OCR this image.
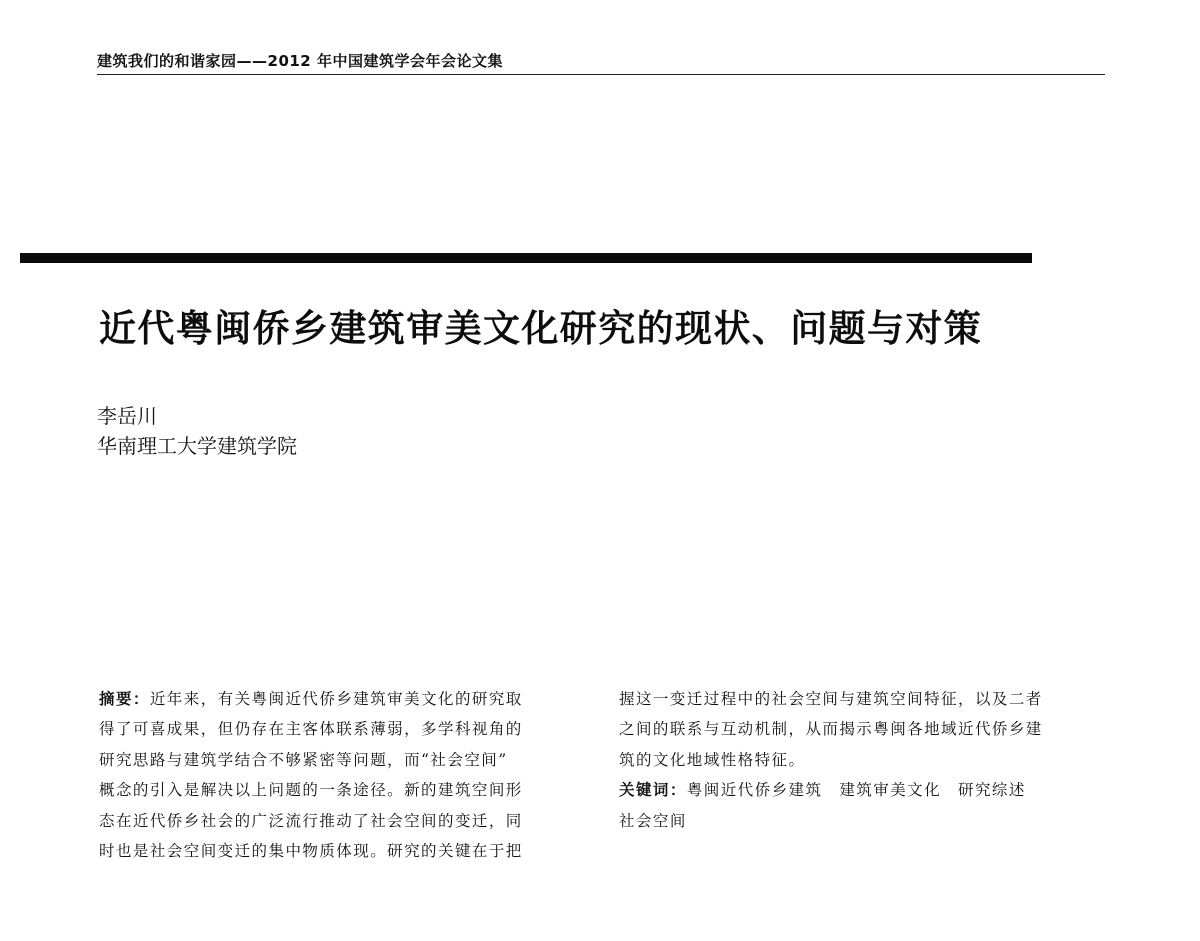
建筑我们的和谐家园——2012 年中国建筑学会年会论文集
近代粤闽侨乡建筑审美文化研究的现状、问题与对策
李岳川
华南理工大学建筑学院
摘要：近年来，有关粤闽近代侨乡建筑审美文化的研究取
得了可喜成果，但仍存在主客体联系薄弱，多学科视角的
研究思路与建筑学结合不够紧密等问题，而“社会空间”
概念的引入是解决以上问题的一条途径。新的建筑空间形
态在近代侨乡社会的广泛流行推动了社会空间的变迁，同
时也是社会空间变迁的集中物质体现。研究的关键在于把
握这一变迁过程中的社会空间与建筑空间特征，以及二者
之间的联系与互动机制，从而揭示粤闽各地域近代侨乡建
筑的文化地域性格特征。
关键词：粤闽近代侨乡建筑　建筑审美文化　研究综述
社会空间
